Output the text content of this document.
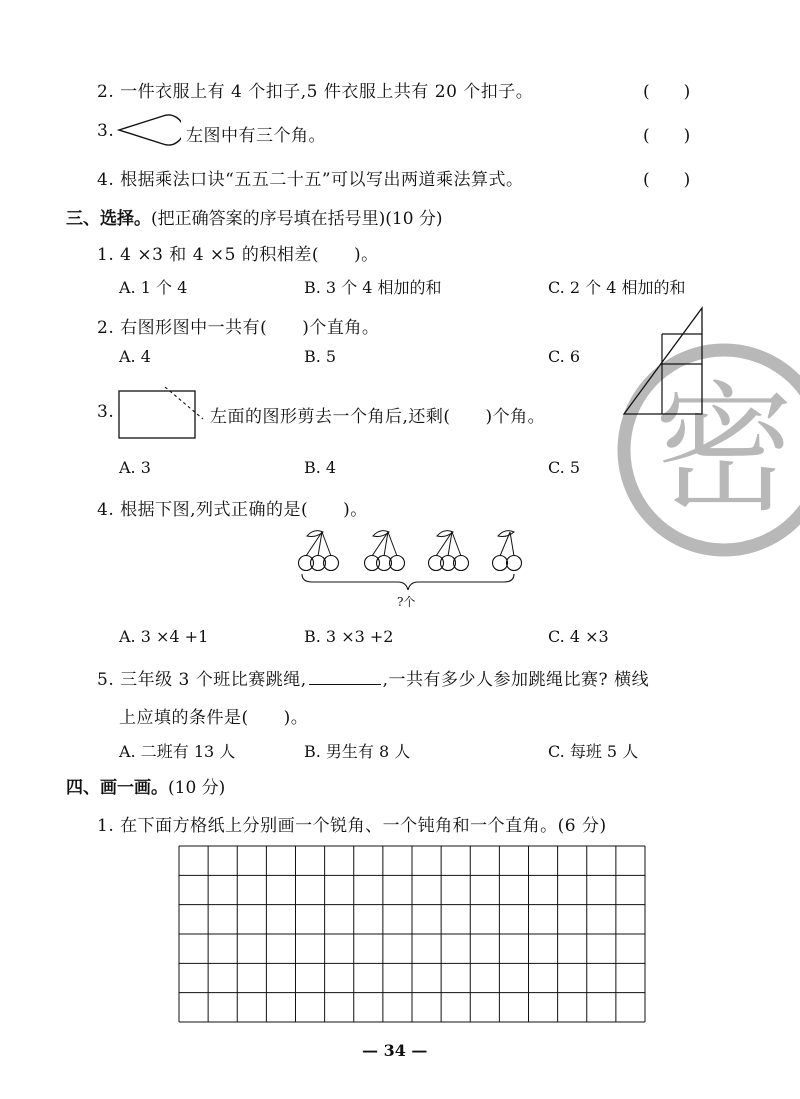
2. 一件衣服上有 4 个扣子,5 件衣服上共有 20 个扣子。	(　　)
3.	左图中有三个角。	(　　)
4. 根据乘法口诀“五五二十五”可以写出两道乘法算式。	(　　)
三、选择。(把正确答案的序号填在括号里)(10 分)
1. 4 ×3 和 4 ×5 的积相差(　　)。
A. 1 个 4	B. 3 个 4 相加的和	C. 2 个 4 相加的和
2. 右图形图中一共有(　　)个直角。
A. 4	B. 5	C. 6
密
3.	左面的图形剪去一个角后,还剩(　　)个角。
A. 3	B. 4	C. 5
4. 根据下图,列式正确的是(　　)。
?个
A. 3 ×4 +1	B. 3 ×3 +2	C. 4 ×3
5. 三年级 3 个班比赛跳绳,	,一共有多少人参加跳绳比赛? 横线
上应填的条件是(　　)。
A. 二班有 13 人	B. 男生有 8 人	C. 每班 5 人
四、画一画。(10 分)
1. 在下面方格纸上分别画一个锐角、一个钝角和一个直角。(6 分)
— 34 —
